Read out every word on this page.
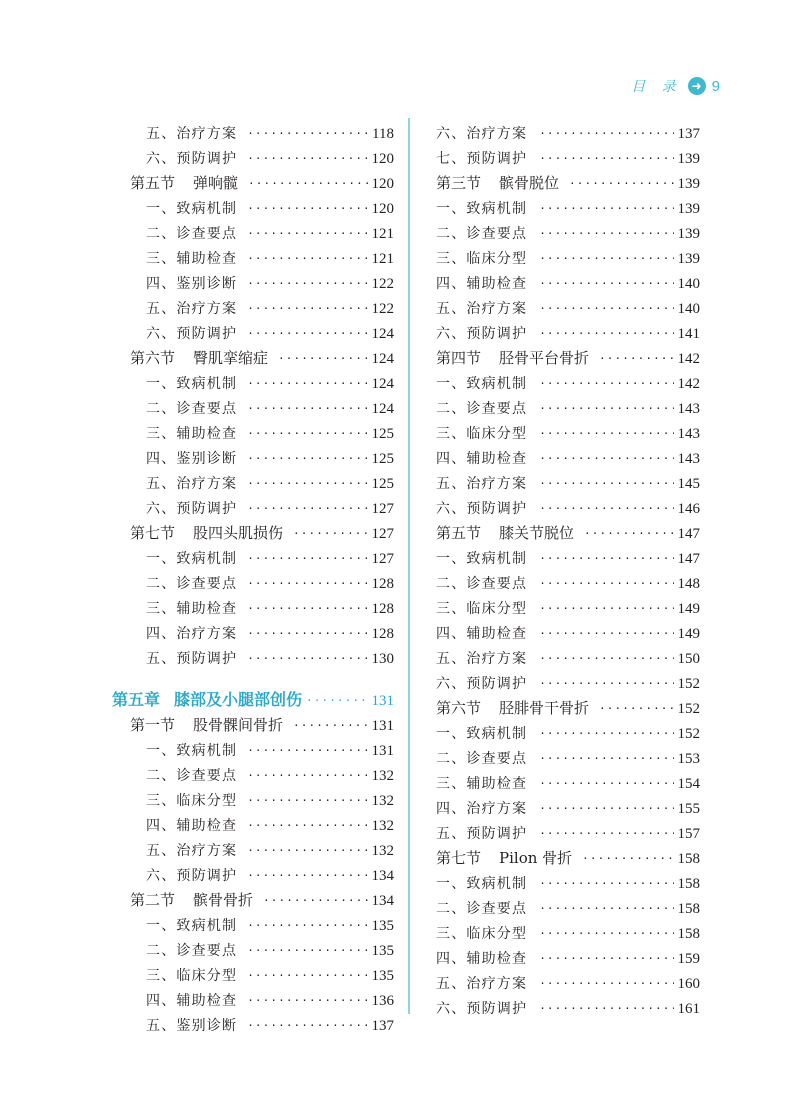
目 录 ➜ 9
五、治疗方案 ·····	118
六、预防调护 ·····	120
第五节 弹响髋 ·····	120
一、致病机制 ·····	120
二、诊查要点 ·····	121
三、辅助检查 ·····	121
四、鉴别诊断 ·····	122
五、治疗方案 ·····	122
六、预防调护 ·····	124
第六节 臀肌挛缩症 ·····	124
一、致病机制 ·····	124
二、诊查要点 ·····	124
三、辅助检查 ·····	125
四、鉴别诊断 ·····	125
五、治疗方案 ·····	125
六、预防调护 ·····	127
第七节 股四头肌损伤 ·····	127
一、致病机制 ·····	127
二、诊查要点 ·····	128
三、辅助检查 ·····	128
四、治疗方案 ·····	128
五、预防调护 ·····	130
第五章 膝部及小腿部创伤 ·····	131
第一节 股骨髁间骨折 ·····	131
一、致病机制 ·····	131
二、诊查要点 ·····	132
三、临床分型 ·····	132
四、辅助检查 ·····	132
五、治疗方案 ·····	132
六、预防调护 ·····	134
第二节 髌骨骨折 ·····	134
一、致病机制 ·····	135
二、诊查要点 ·····	135
三、临床分型 ·····	135
四、辅助检查 ·····	136
五、鉴别诊断 ·····	137
六、治疗方案 ·····	137
七、预防调护 ·····	139
第三节 髌骨脱位 ·····	139
一、致病机制 ·····	139
二、诊查要点 ·····	139
三、临床分型 ·····	139
四、辅助检查 ·····	140
五、治疗方案 ·····	140
六、预防调护 ·····	141
第四节 胫骨平台骨折 ·····	142
一、致病机制 ·····	142
二、诊查要点 ·····	143
三、临床分型 ·····	143
四、辅助检查 ·····	143
五、治疗方案 ·····	145
六、预防调护 ·····	146
第五节 膝关节脱位 ·····	147
一、致病机制 ·····	147
二、诊查要点 ·····	148
三、临床分型 ·····	149
四、辅助检查 ·····	149
五、治疗方案 ·····	150
六、预防调护 ·····	152
第六节 胫腓骨干骨折 ·····	152
一、致病机制 ·····	152
二、诊查要点 ·····	153
三、辅助检查 ·····	154
四、治疗方案 ·····	155
五、预防调护 ·····	157
第七节 Pilon 骨折 ·····	158
一、致病机制 ·····	158
二、诊查要点 ·····	158
三、临床分型 ·····	158
四、辅助检查 ·····	159
五、治疗方案 ·····	160
六、预防调护 ·····	161
